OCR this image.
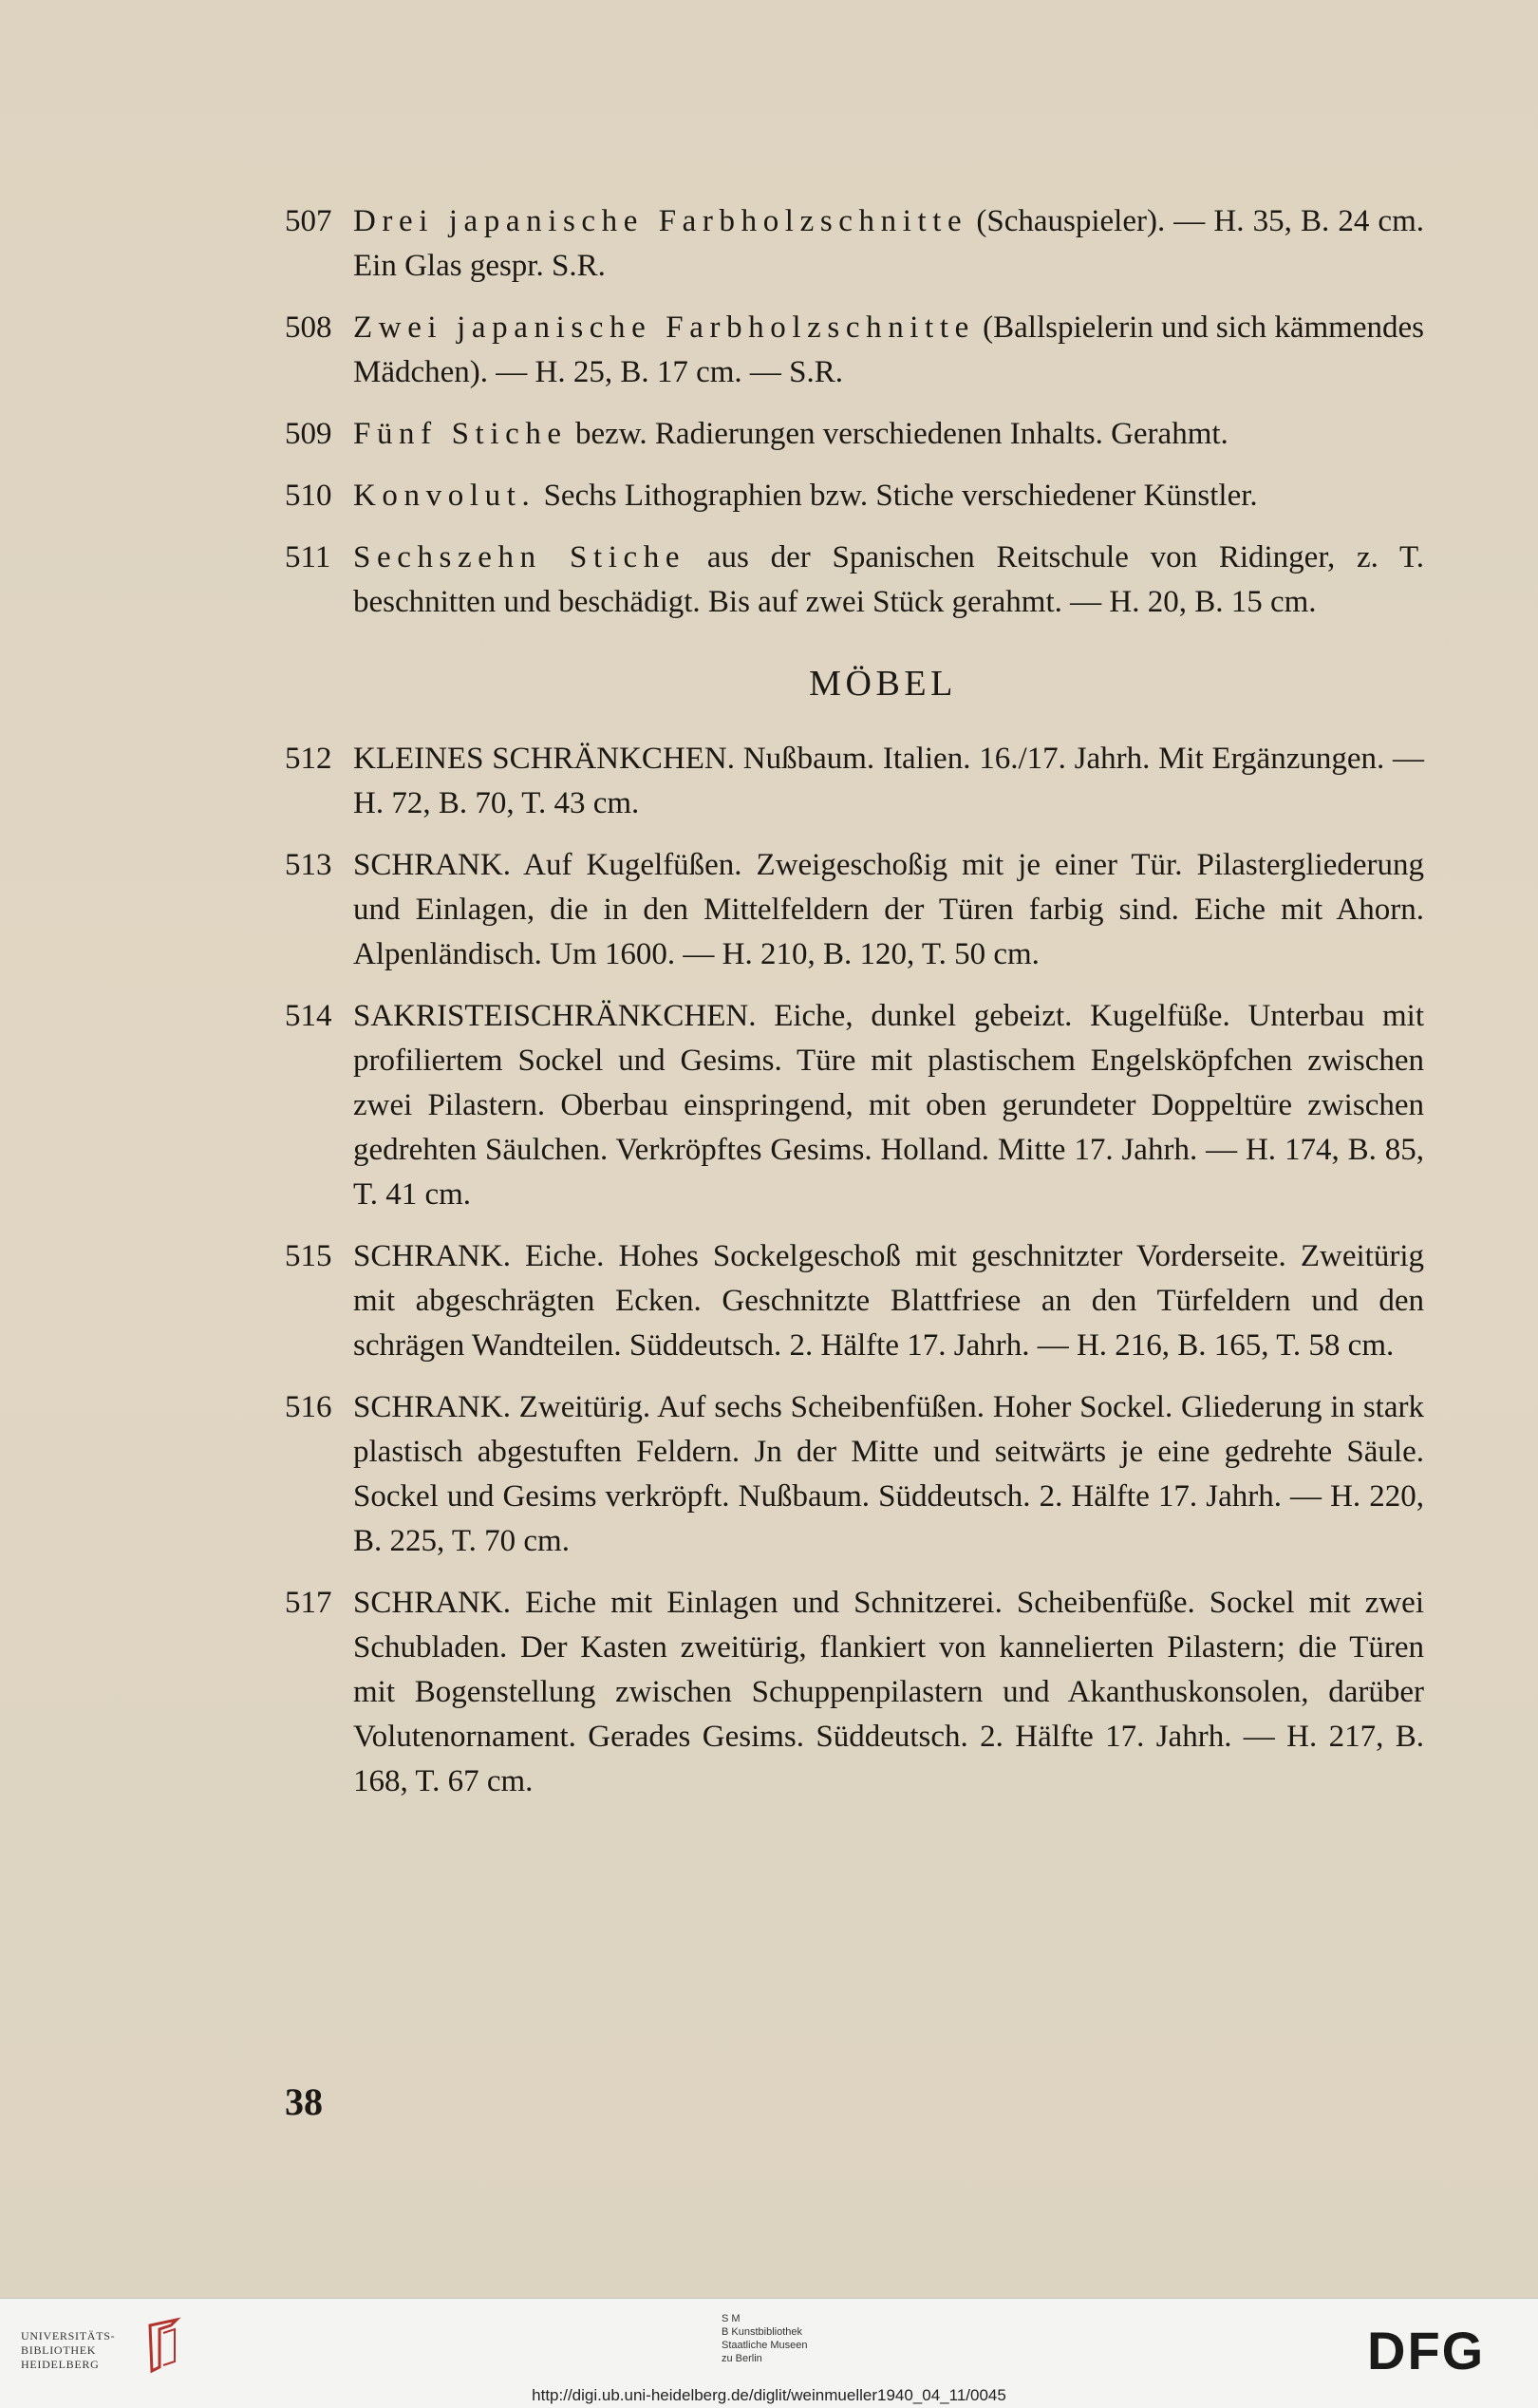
507 Drei japanische Farbholzschnitte (Schauspieler). — H. 35, B. 24 cm. Ein Glas gespr. S.R.
508 Zwei japanische Farbholzschnitte (Ballspielerin und sich kämmendes Mädchen). — H. 25, B. 17 cm. — S.R.
509 Fünf Stiche bezw. Radierungen verschiedenen Inhalts. Gerahmt.
510 Konvolut. Sechs Lithographien bzw. Stiche verschiedener Künstler.
511 Sechszehn Stiche aus der Spanischen Reitschule von Ridinger, z. T. beschnitten und beschädigt. Bis auf zwei Stück gerahmt. — H. 20, B. 15 cm.
MÖBEL
512 KLEINES SCHRÄNKCHEN. Nußbaum. Italien. 16./17. Jahrh. Mit Ergänzungen. — H. 72, B. 70, T. 43 cm.
513 SCHRANK. Auf Kugelfüßen. Zweigeschoßig mit je einer Tür. Pilastergliederung und Einlagen, die in den Mittelfeldern der Türen farbig sind. Eiche mit Ahorn. Alpenländisch. Um 1600. — H. 210, B. 120, T. 50 cm.
514 SAKRISTEISCHRÄNKCHEN. Eiche, dunkel gebeizt. Kugelfüße. Unterbau mit profiliertem Sockel und Gesims. Türe mit plastischem Engelsköpfchen zwischen zwei Pilastern. Oberbau einspringend, mit oben gerundeter Doppeltüre zwischen gedrehten Säulchen. Verkröpftes Gesims. Holland. Mitte 17. Jahrh. — H. 174, B. 85, T. 41 cm.
515 SCHRANK. Eiche. Hohes Sockelgeschoß mit geschnitzter Vorderseite. Zweitürig mit abgeschrägten Ecken. Geschnitzte Blattfriese an den Türfeldern und den schrägen Wandteilen. Süddeutsch. 2. Hälfte 17. Jahrh. — H. 216, B. 165, T. 58 cm.
516 SCHRANK. Zweitürig. Auf sechs Scheibenfüßen. Hoher Sockel. Gliederung in stark plastisch abgestuften Feldern. Jn der Mitte und seitwärts je eine gedrehte Säule. Sockel und Gesims verkröpft. Nußbaum. Süddeutsch. 2. Hälfte 17. Jahrh. — H. 220, B. 225, T. 70 cm.
517 SCHRANK. Eiche mit Einlagen und Schnitzerei. Scheibenfüße. Sockel mit zwei Schubladen. Der Kasten zweitürig, flankiert von kannelierten Pilastern; die Türen mit Bogenstellung zwischen Schuppenpilastern und Akanthuskonsolen, darüber Volutenornament. Gerades Gesims. Süddeutsch. 2. Hälfte 17. Jahrh. — H. 217, B. 168, T. 67 cm.
38
UNIVERSITÄTS-
BIBLIOTHEK
HEIDELBERG
S M
B Kunstbibliothek
Staatliche Museen
zu Berlin	DFG
http://digi.ub.uni-heidelberg.de/diglit/weinmueller1940_04_11/0045
